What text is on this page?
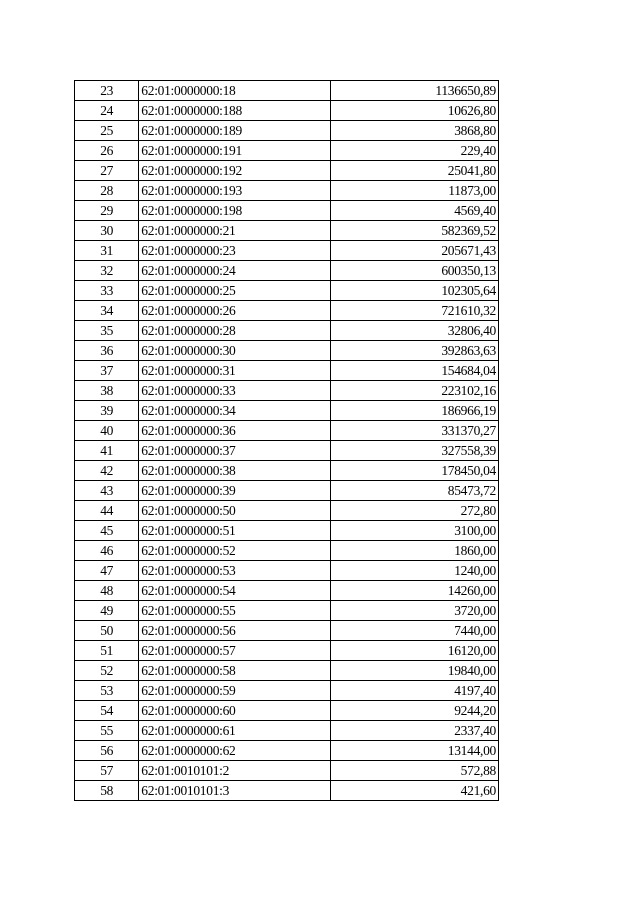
23	62:01:0000000:18	1136650,89
24	62:01:0000000:188	10626,80
25	62:01:0000000:189	3868,80
26	62:01:0000000:191	229,40
27	62:01:0000000:192	25041,80
28	62:01:0000000:193	11873,00
29	62:01:0000000:198	4569,40
30	62:01:0000000:21	582369,52
31	62:01:0000000:23	205671,43
32	62:01:0000000:24	600350,13
33	62:01:0000000:25	102305,64
34	62:01:0000000:26	721610,32
35	62:01:0000000:28	32806,40
36	62:01:0000000:30	392863,63
37	62:01:0000000:31	154684,04
38	62:01:0000000:33	223102,16
39	62:01:0000000:34	186966,19
40	62:01:0000000:36	331370,27
41	62:01:0000000:37	327558,39
42	62:01:0000000:38	178450,04
43	62:01:0000000:39	85473,72
44	62:01:0000000:50	272,80
45	62:01:0000000:51	3100,00
46	62:01:0000000:52	1860,00
47	62:01:0000000:53	1240,00
48	62:01:0000000:54	14260,00
49	62:01:0000000:55	3720,00
50	62:01:0000000:56	7440,00
51	62:01:0000000:57	16120,00
52	62:01:0000000:58	19840,00
53	62:01:0000000:59	4197,40
54	62:01:0000000:60	9244,20
55	62:01:0000000:61	2337,40
56	62:01:0000000:62	13144,00
57	62:01:0010101:2	572,88
58	62:01:0010101:3	421,60
